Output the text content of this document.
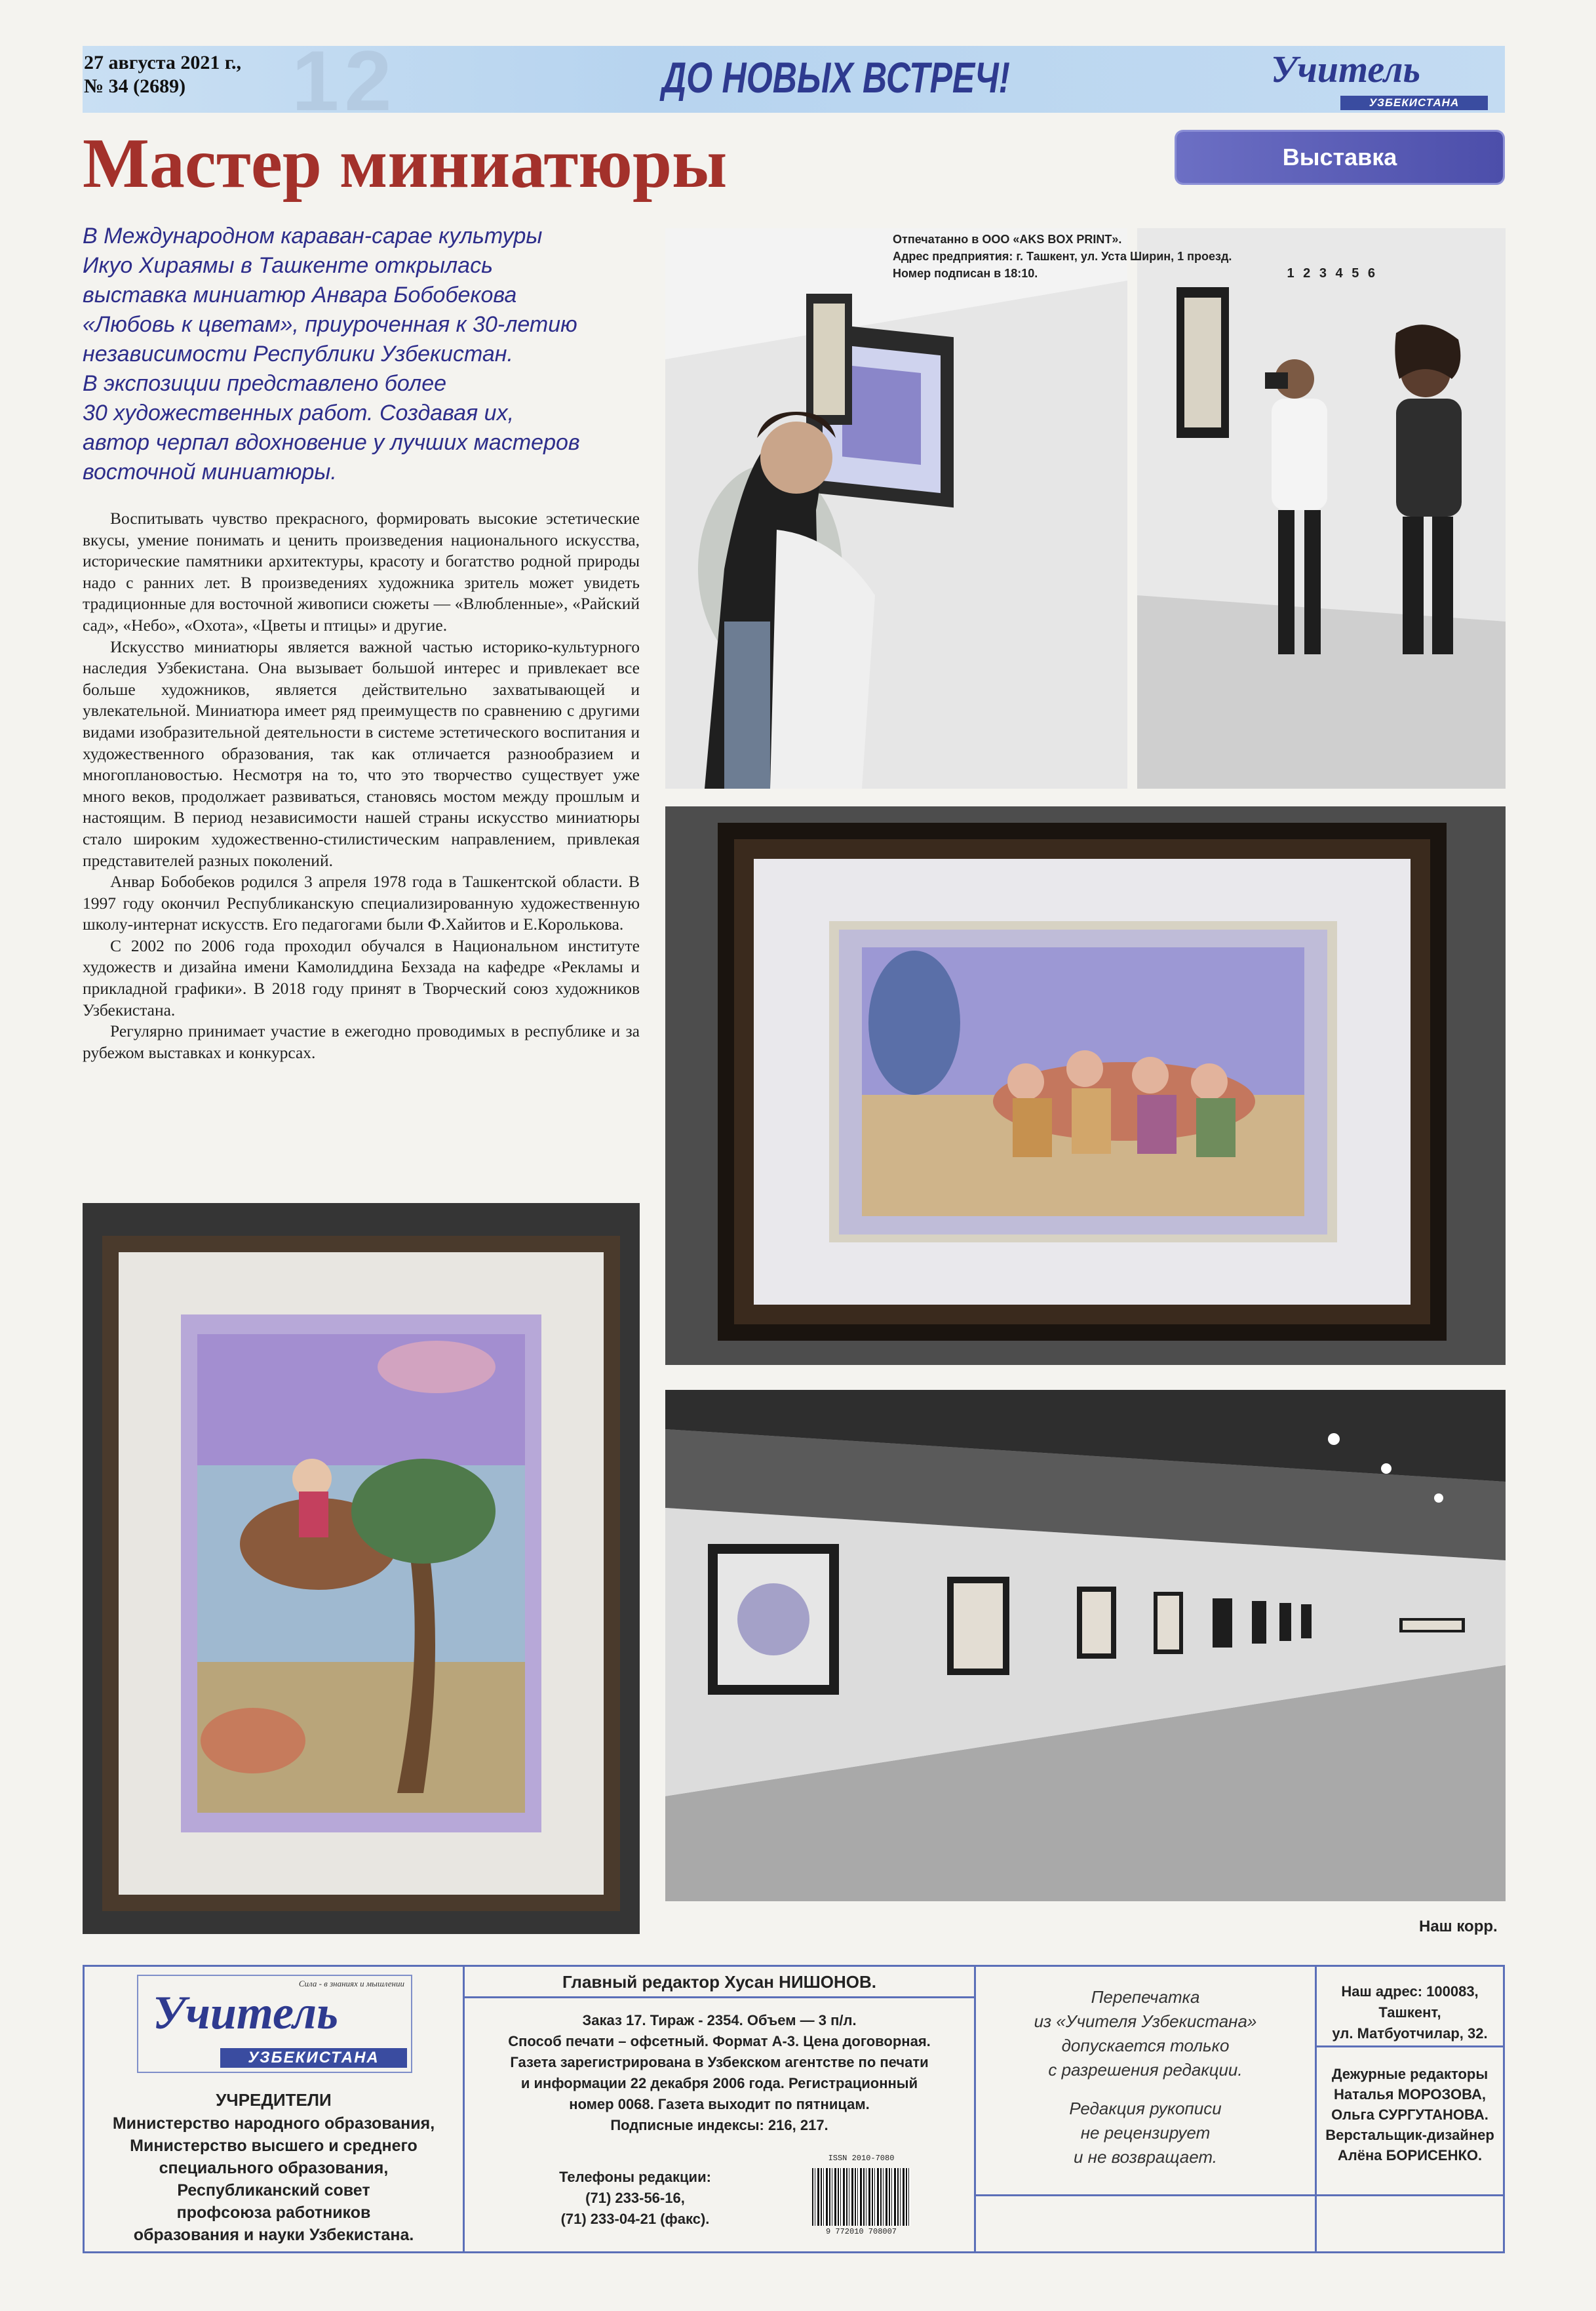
27 августа 2021 г.,
№ 34 (2689)	12	ДО НОВЫХ ВСТРЕЧ!	Учитель
УЗБЕКИСТАНА
Мастер миниатюры	Выставка

В Международном караван-сарае культуры

Икуо Хираямы в Ташкенте открылась

выставка миниатюр Анвара Бобобекова

«Любовь к цветам», приуроченная к 30-летию

независимости Республики Узбекистан.

В экспозиции представлено более

30 художественных работ. Создавая их,

автор черпал вдохновение у лучших мастеров

восточной миниатюры.

Воспитывать чувство прекрасного, формировать высокие эстетические вкусы, умение понимать и ценить произведения национального искусства, исторические памятники архитектуры, красоту и богатство родной природы надо с ранних лет. В произведениях художника зритель может увидеть традиционные для восточной живописи сюжеты — «Влюбленные», «Райский сад», «Небо», «Охота», «Цветы и птицы» и другие.

Искусство миниатюры является важной частью историко-культурного наследия Узбекистана. Она вызывает большой интерес и привлекает все больше художников, является действительно захватывающей и увлекательной. Миниатюра имеет ряд преимуществ по сравнению с другими видами изобразительной деятельности в системе эстетического воспитания и художественного образования, так как отличается разнообразием и многоплановостью. Несмотря на то, что это творчество существует уже много веков, продолжает развиваться, становясь мостом между прошлым и настоящим. В период независимости нашей страны искусство миниатюры стало широким художественно-стилистическим направлением, привлекая представителей разных поколений.

Анвар Бобобеков родился 3 апреля 1978 года в Ташкентской области. В 1997 году окончил Республиканскую специализированную художественную школу-интернат искусств. Его педагогами были Ф.Хайитов и Е.Королькова.

С 2002 по 2006 года проходил обучался в Национальном институте художеств и дизайна имени Камолиддина Бехзада на кафедре «Рекламы и прикладной графики». В 2018 году принят в Творческий союз художников Узбекистана.

Регулярно принимает участие в ежегодно проводимых в республике и за рубежом выставках и конкурсах.

Наш корр.
Сила - в знаниях и мышлении
Учитель
УЗБЕКИСТАНА
УЧРЕДИТЕЛИ
Министерство народного образования,
Министерство высшего и среднего
специального образования,
Республиканский совет
профсоюза работников
образования и науки Узбекистана.
Главный редактор Хусан НИШОНОВ.
Заказ 17. Тираж - 2354. Объем — 3 п/л.
Способ печати – офсетный. Формат А-3. Цена договорная.
Газета зарегистрирована в Узбекском агентстве по печати
и информации 22 декабря 2006 года. Регистрационный
номер 0068. Газета выходит по пятницам.
Подписные индексы: 216, 217.
Телефоны редакции:
(71) 233-56-16,
(71) 233-04-21 (факс).
ISSN 2010-7080
9 772010 708007
Перепечатка
из «Учителя Узбекистана»
допускается только
с разрешения редакции.
Редакция рукописи
не рецензирует
и не возвращает.
Наш адрес: 100083, Ташкент,
ул. Матбуотчилар, 32.
Дежурные редакторы
Наталья МОРОЗОВА,
Ольга СУРГУТАНОВА.
Верстальщик-дизайнер
Алёна БОРИСЕНКО.
Отпечатанно в ООО «AKS BOX PRINT».
Адрес предприятия: г. Ташкент, ул. Уста Ширин, 1 проезд.
Номер подписан в 18:10.	1 2 3 4 5 6
